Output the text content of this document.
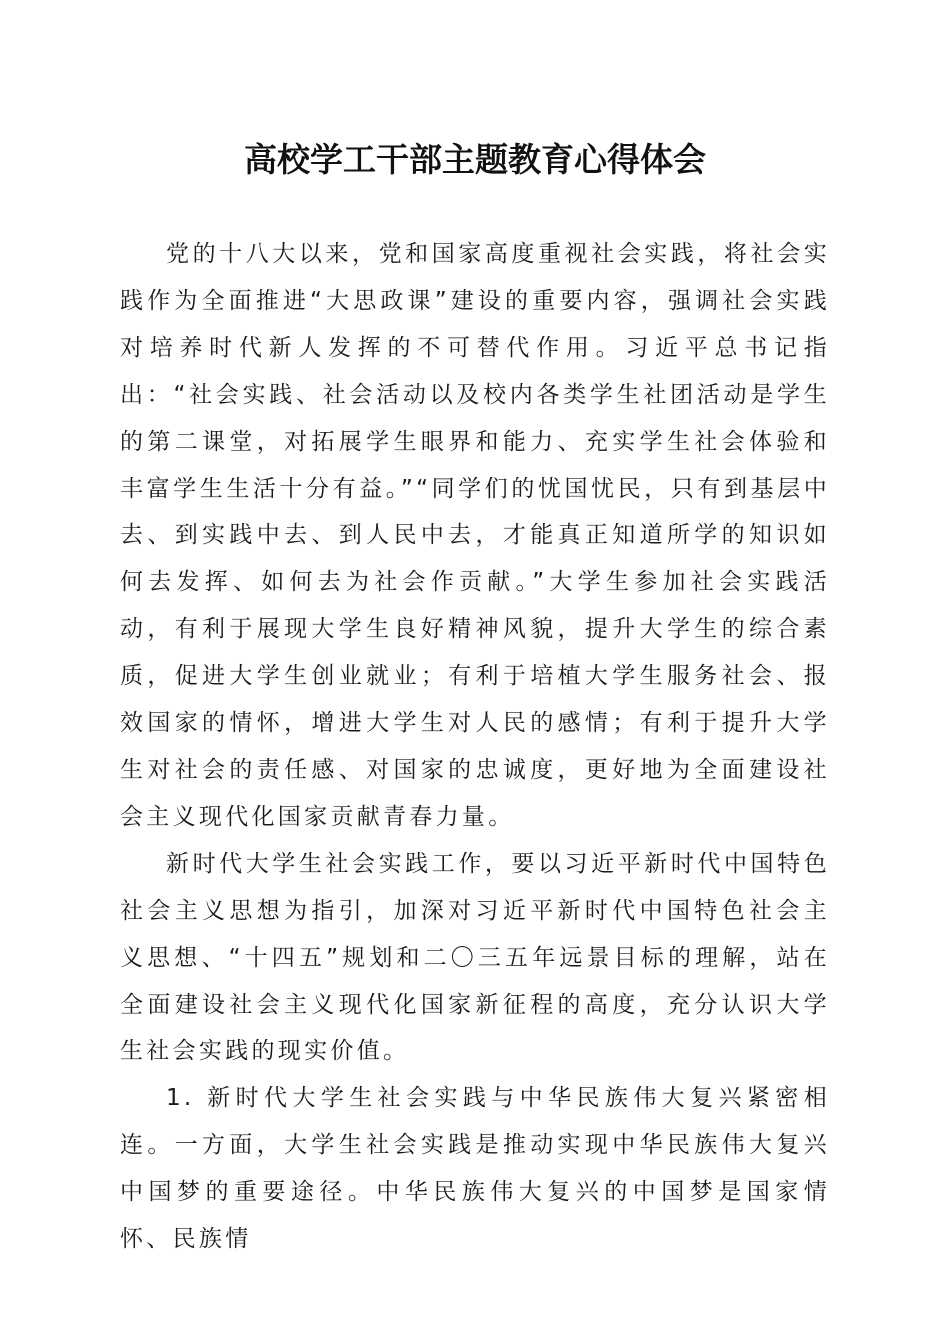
高校学工干部主题教育心得体会

党的十八大以来，党和国家高度重视社会实践，将社会实践作为全面推进“大思政课”建设的重要内容，强调社会实践对培养时代新人发挥的不可替代作用。习近平总书记指出：“社会实践、社会活动以及校内各类学生社团活动是学生的第二课堂，对拓展学生眼界和能力、充实学生社会体验和丰富学生生活十分有益。”“同学们的忧国忧民，只有到基层中去、到实践中去、到人民中去，才能真正知道所学的知识如何去发挥、如何去为社会作贡献。”大学生参加社会实践活动，有利于展现大学生良好精神风貌，提升大学生的综合素质，促进大学生创业就业；有利于培植大学生服务社会、报效国家的情怀，增进大学生对人民的感情；有利于提升大学生对社会的责任感、对国家的忠诚度，更好地为全面建设社会主义现代化国家贡献青春力量。

新时代大学生社会实践工作，要以习近平新时代中国特色社会主义思想为指引，加深对习近平新时代中国特色社会主义思想、“十四五”规划和二〇三五年远景目标的理解，站在全面建设社会主义现代化国家新征程的高度，充分认识大学生社会实践的现实价值。

1. 新时代大学生社会实践与中华民族伟大复兴紧密相连。一方面，大学生社会实践是推动实现中华民族伟大复兴中国梦的重要途径。中华民族伟大复兴的中国梦是国家情怀、民族情
